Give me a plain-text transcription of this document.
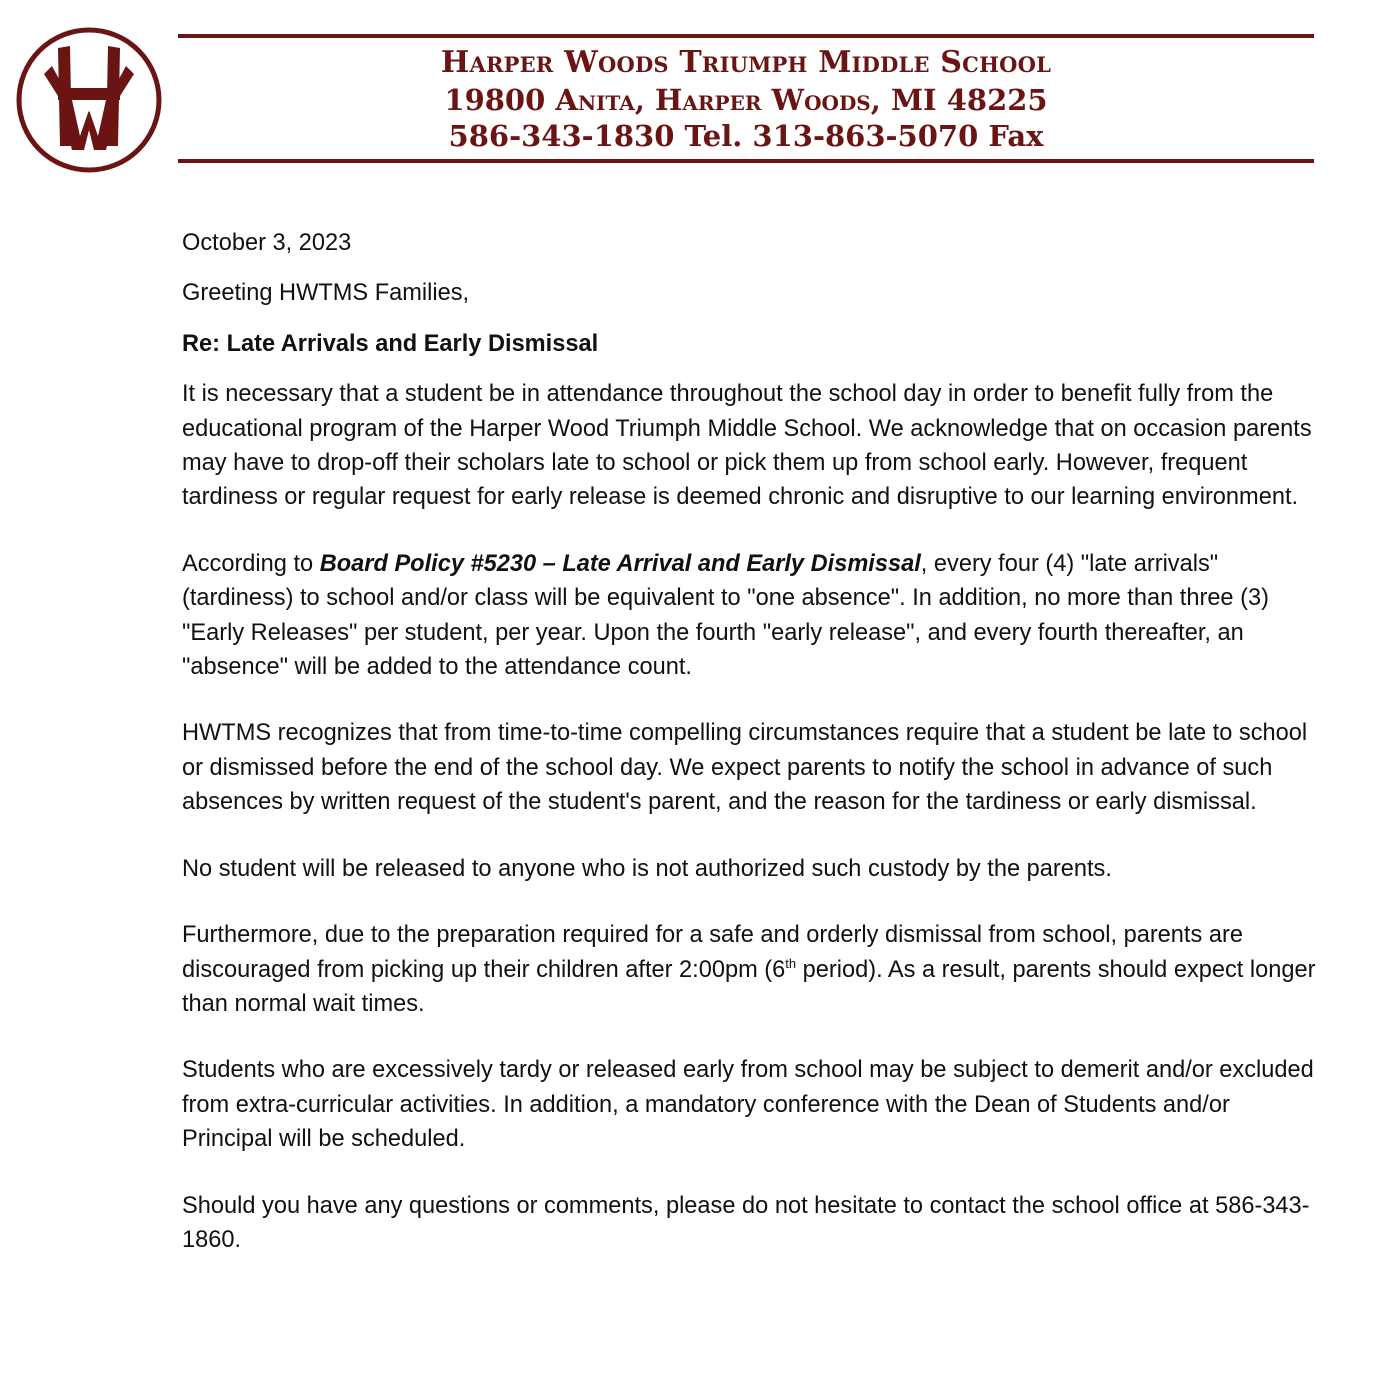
Harper Woods Triumph Middle School
19800 Anita, Harper Woods, MI 48225
586-343-1830 Tel. 313-863-5070 Fax

October 3, 2023

Greeting HWTMS Families,

Re: Late Arrivals and Early Dismissal

It is necessary that a student be in attendance throughout the school day in order to benefit fully from the educational program of the Harper Wood Triumph Middle School. We acknowledge that on occasion parents may have to drop-off their scholars late to school or pick them up from school early. However, frequent tardiness or regular request for early release is deemed chronic and disruptive to our learning environment.

According to Board Policy #5230 – Late Arrival and Early Dismissal, every four (4) "late arrivals" (tardiness) to school and/or class will be equivalent to "one absence". In addition, no more than three (3) "Early Releases" per student, per year. Upon the fourth "early release", and every fourth thereafter, an "absence" will be added to the attendance count.

HWTMS recognizes that from time-to-time compelling circumstances require that a student be late to school or dismissed before the end of the school day. We expect parents to notify the school in advance of such absences by written request of the student's parent, and the reason for the tardiness or early dismissal.

No student will be released to anyone who is not authorized such custody by the parents.

Furthermore, due to the preparation required for a safe and orderly dismissal from school, parents are discouraged from picking up their children after 2:00pm (6th period). As a result, parents should expect longer than normal wait times.

Students who are excessively tardy or released early from school may be subject to demerit and/or excluded from extra-curricular activities. In addition, a mandatory conference with the Dean of Students and/or Principal will be scheduled.

Should you have any questions or comments, please do not hesitate to contact the school office at 586-343-1860.
